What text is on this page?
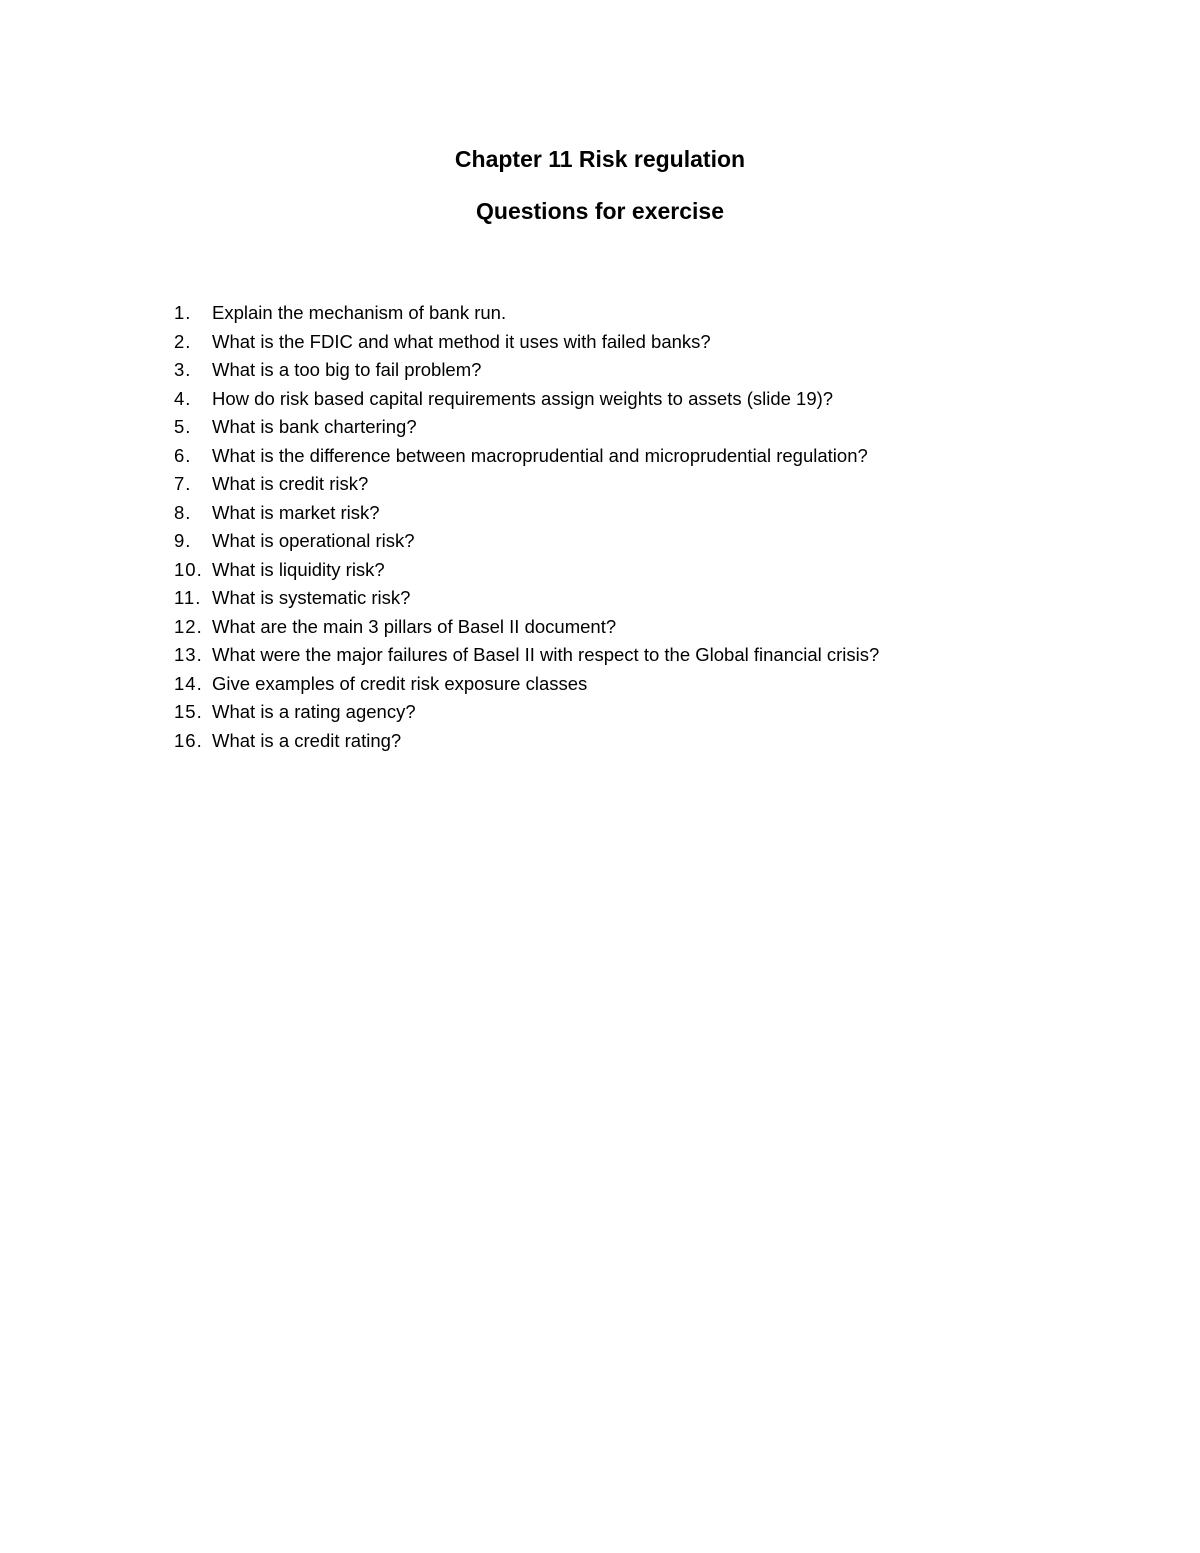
Chapter 11 Risk regulation
Questions for exercise
1.	Explain the mechanism of bank run.
2.	What is the FDIC and what method it uses with failed banks?
3.	What is a too big to fail problem?
4.	How do risk based capital requirements assign weights to assets (slide 19)?
5.	What is bank chartering?
6.	What is the difference between macroprudential and microprudential regulation?
7.	What is credit risk?
8.	What is market risk?
9.	What is operational risk?
10. What is liquidity risk?
11. What is systematic risk?
12. What are the main 3 pillars of Basel II document?
13. What were the major failures of Basel II with respect to the Global financial crisis?
14. Give examples of credit risk exposure classes
15. What is a rating agency?
16. What is a credit rating?
